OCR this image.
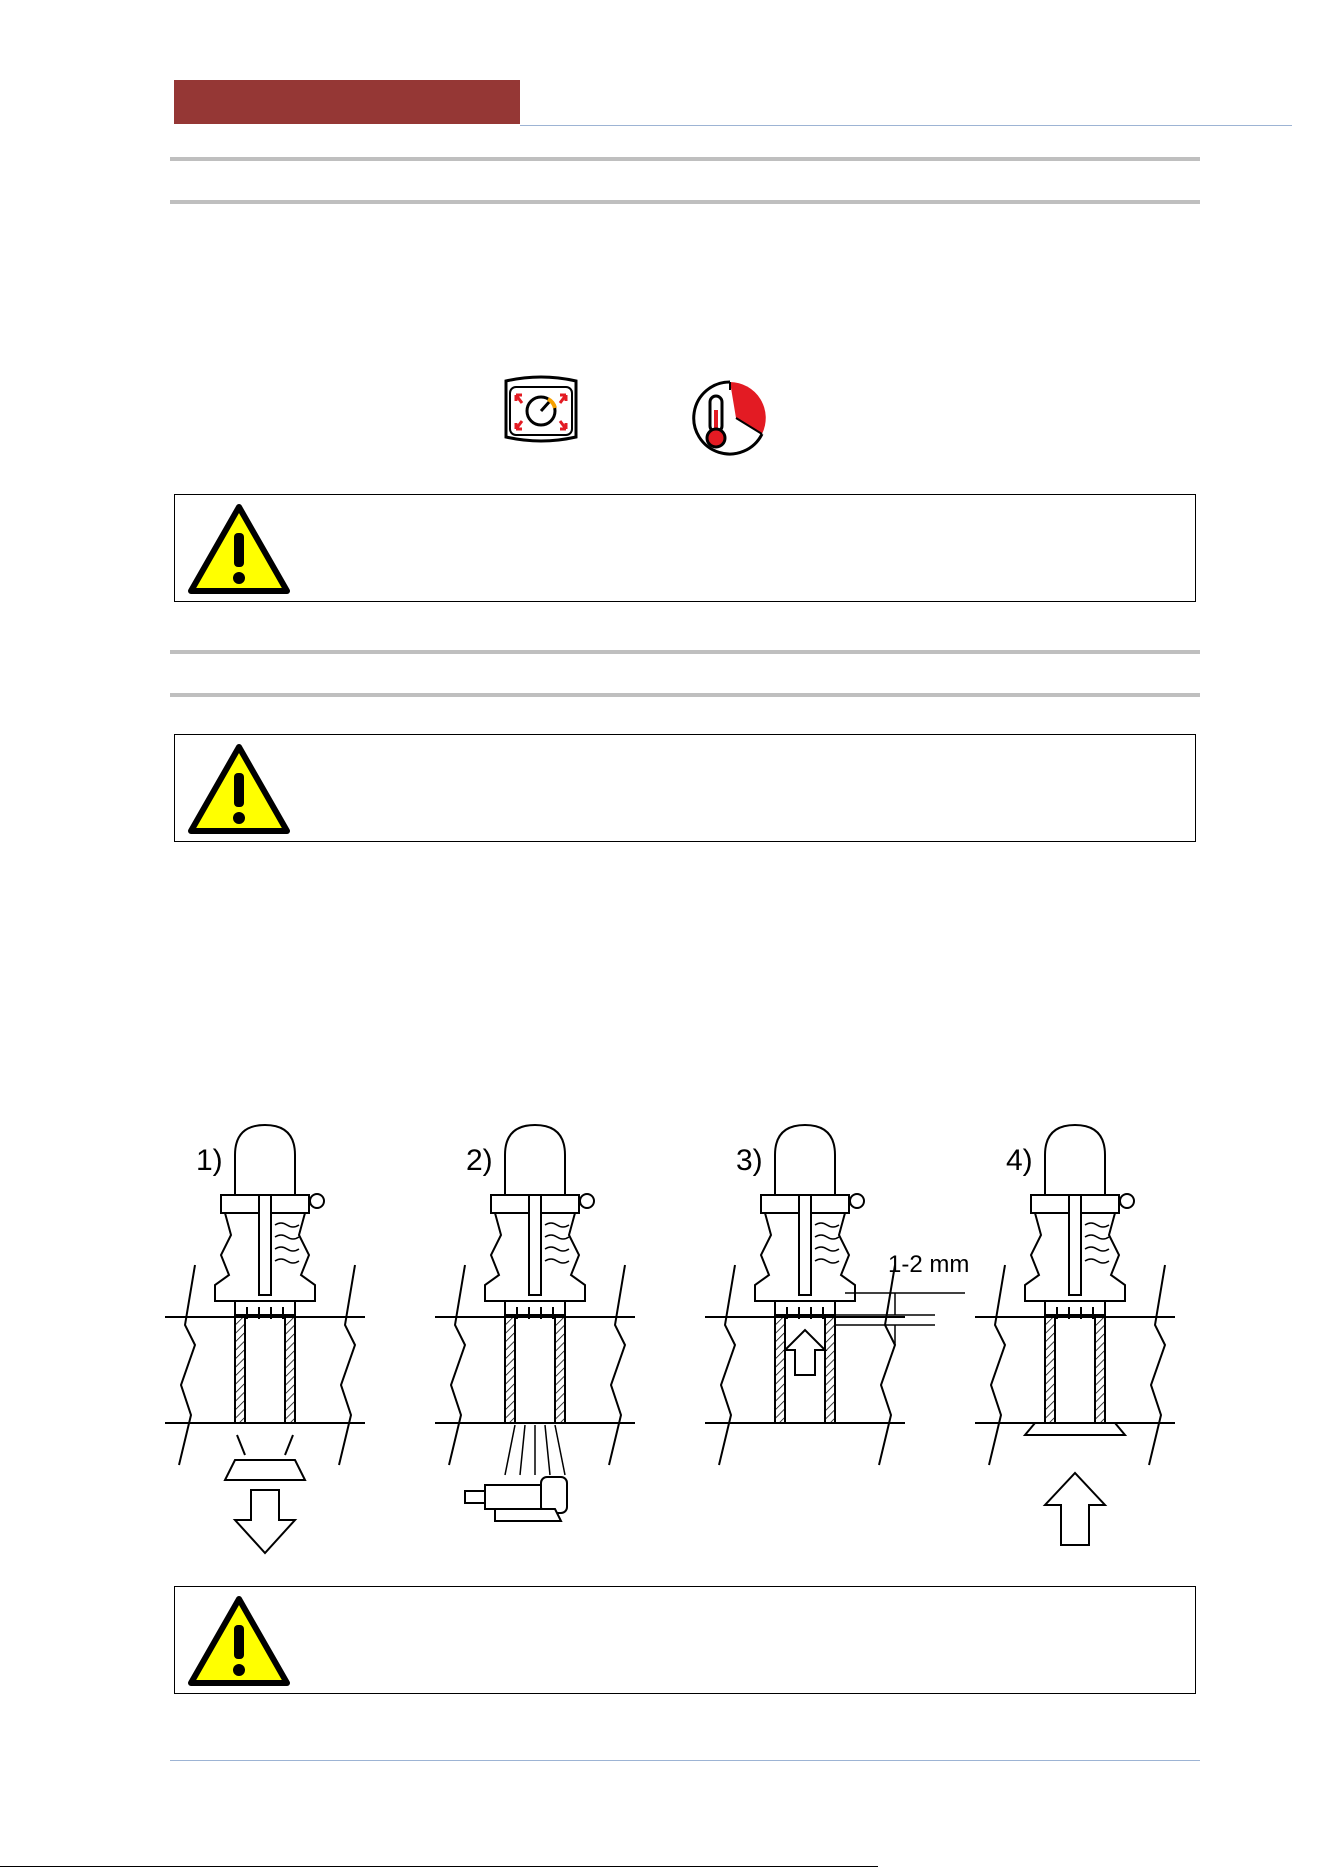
1)	2)
1-2 mm
3)	4)
